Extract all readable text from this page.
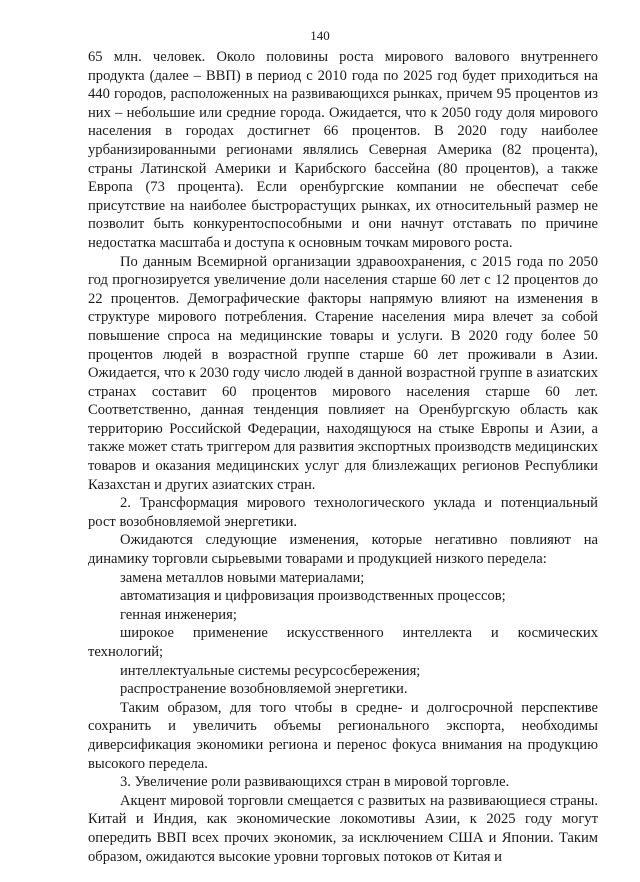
140

65 млн. человек. Около половины роста мирового валового внутреннего продукта (далее – ВВП) в период с 2010 года по 2025 год будет приходиться на 440 городов, расположенных на развивающихся рынках, причем 95 процентов из них – небольшие или средние города. Ожидается, что к 2050 году доля мирового населения в городах достигнет 66 процентов. В 2020 году наиболее урбанизированными регионами являлись Северная Америка (82 процента), страны Латинской Америки и Карибского бассейна (80 процентов), а также Европа (73 процента). Если оренбургские компании не обеспечат себе присутствие на наиболее быстрорастущих рынках, их относительный размер не позволит быть конкурентоспособными и они начнут отставать по причине недостатка масштаба и доступа к основным точкам мирового роста.

По данным Всемирной организации здравоохранения, с 2015 года по 2050 год прогнозируется увеличение доли населения старше 60 лет с 12 процентов до 22 процентов. Демографические факторы напрямую влияют на изменения в структуре мирового потребления. Старение населения мира влечет за собой повышение спроса на медицинские товары и услуги. В 2020 году более 50 процентов людей в возрастной группе старше 60 лет проживали в Азии. Ожидается, что к 2030 году число людей в данной возрастной группе в азиатских странах составит 60 процентов мирового населения старше 60 лет. Соответственно, данная тенденция повлияет на Оренбургскую область как территорию Российской Федерации, находящуюся на стыке Европы и Азии, а также может стать триггером для развития экспортных производств медицинских товаров и оказания медицинских услуг для близлежащих регионов Республики Казахстан и других азиатских стран.

2. Трансформация мирового технологического уклада и потенциальный рост возобновляемой энергетики.

Ожидаются следующие изменения, которые негативно повлияют на динамику торговли сырьевыми товарами и продукцией низкого передела:

замена металлов новыми материалами;

автоматизация и цифровизация производственных процессов;

генная инженерия;

широкое применение искусственного интеллекта и космических технологий;

интеллектуальные системы ресурсосбережения;

распространение возобновляемой энергетики.

Таким образом, для того чтобы в средне- и долгосрочной перспективе сохранить и увеличить объемы регионального экспорта, необходимы диверсификация экономики региона и перенос фокуса внимания на продукцию высокого передела.

3. Увеличение роли развивающихся стран в мировой торговле.

Акцент мировой торговли смещается с развитых на развивающиеся страны. Китай и Индия, как экономические локомотивы Азии, к 2025 году могут опередить ВВП всех прочих экономик, за исключением США и Японии. Таким образом, ожидаются высокие уровни торговых потоков от Китая и
